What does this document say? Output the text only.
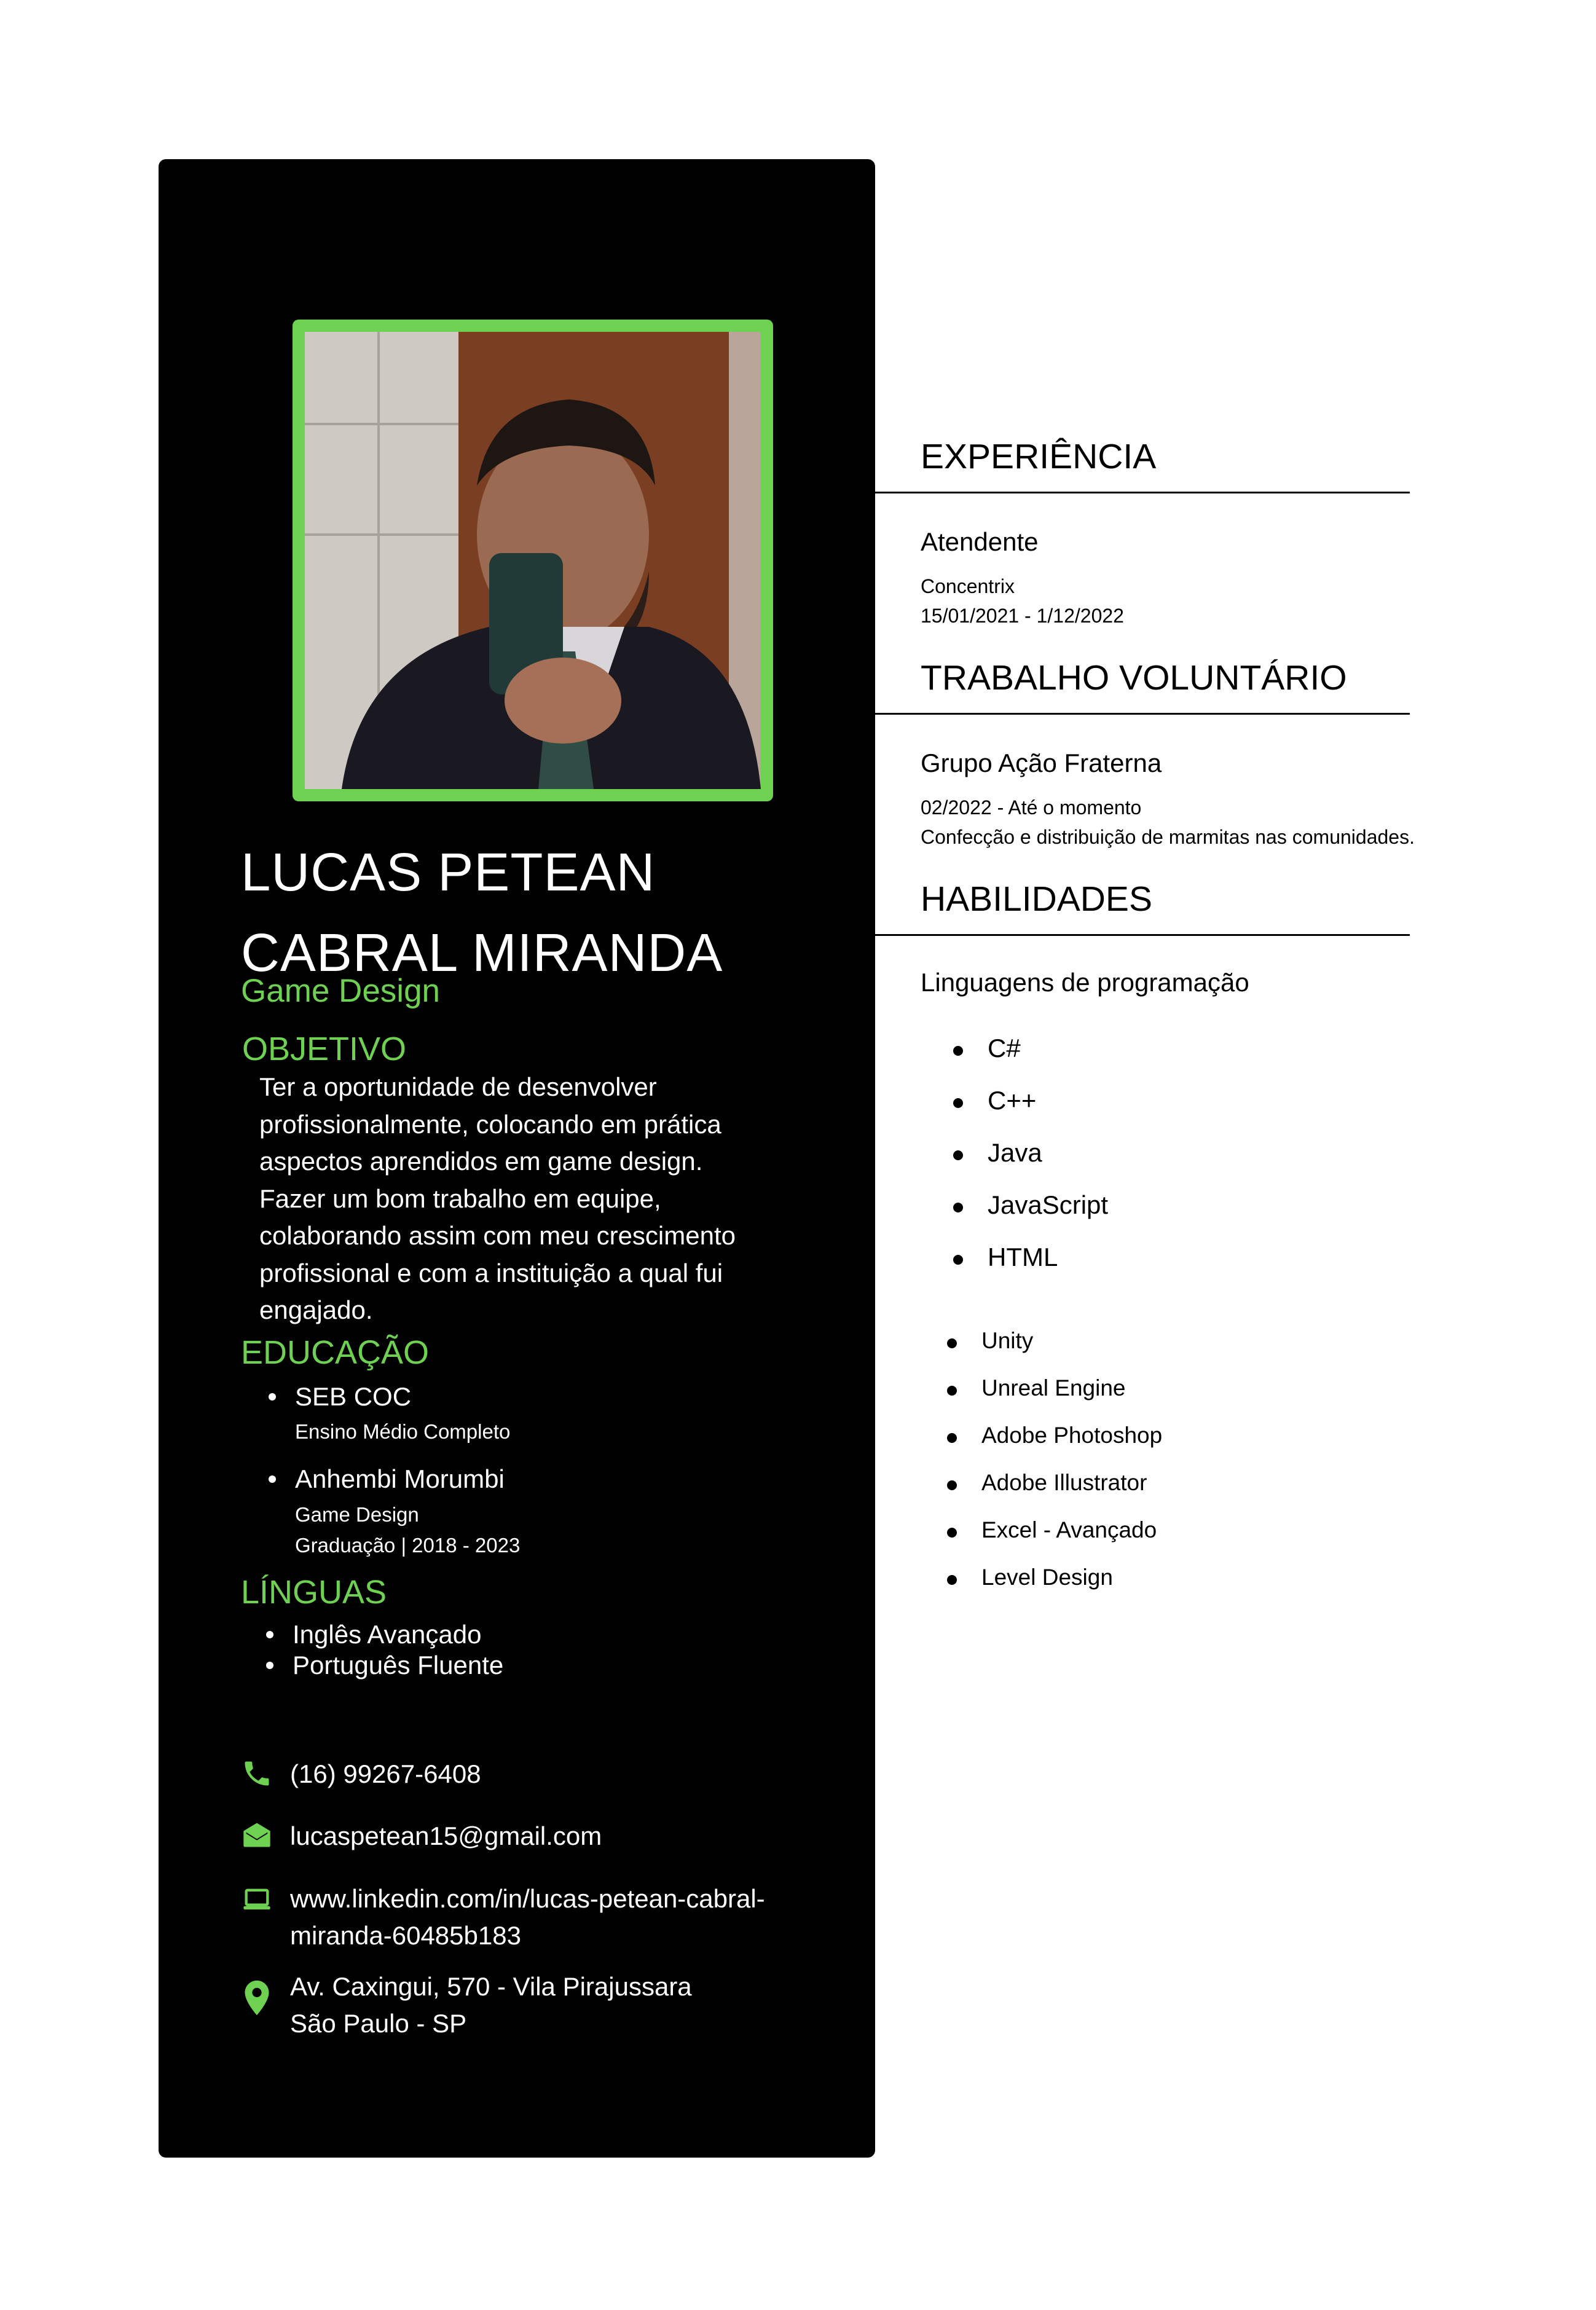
LUCAS PETEAN
CABRAL MIRANDA
Game Design
OBJETIVO
Ter a oportunidade de desenvolver profissionalmente, colocando em prática aspectos aprendidos em game design. Fazer um bom trabalho em equipe, colaborando assim com meu crescimento profissional e com a instituição a qual fui engajado.
EDUCAÇÃO
SEB COC
Ensino Médio Completo
Anhembi Morumbi
Game Design
Graduação | 2018 - 2023
LÍNGUAS
Inglês Avançado
Português Fluente
(16) 99267-6408
lucaspetean15@gmail.com
www.linkedin.com/in/lucas-petean-cabral-
miranda-60485b183
Av. Caxingui, 570 - Vila Pirajussara
São Paulo - SP
EXPERIÊNCIA
Atendente
Concentrix
15/01/2021 - 1/12/2022
TRABALHO VOLUNTÁRIO
Grupo Ação Fraterna
02/2022 - Até o momento
Confecção e distribuição de marmitas nas comunidades.
HABILIDADES
Linguagens de programação
C#
C++
Java
JavaScript
HTML
Unity
Unreal Engine
Adobe Photoshop
Adobe Illustrator
Excel - Avançado
Level Design
